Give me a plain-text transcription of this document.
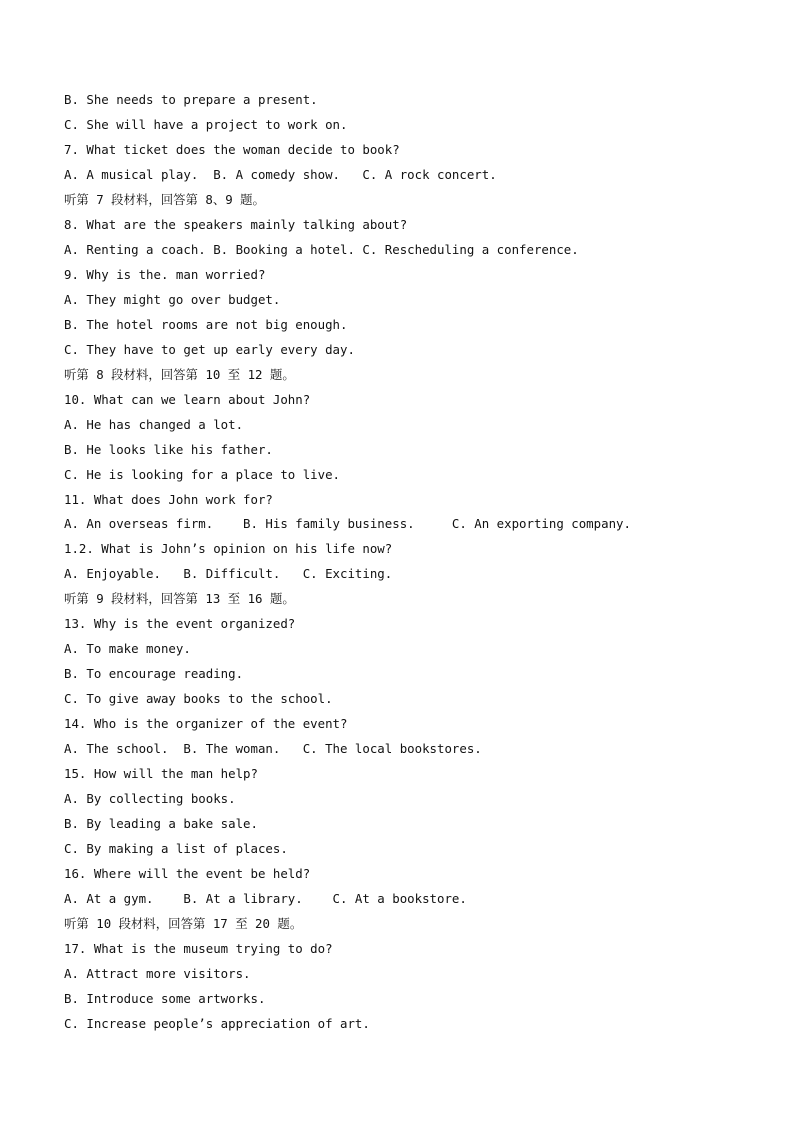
B. She needs to prepare a present.
C. She will have a project to work on.
7. What ticket does the woman decide to book?
A. A musical play.  B. A comedy show.   C. A rock concert.
听第 7 段材料，回答第 8、9 题。
8. What are the speakers mainly talking about?
A. Renting a coach. B. Booking a hotel. C. Rescheduling a conference.
9. Why is the. man worried?
A. They might go over budget.
B. The hotel rooms are not big enough.
C. They have to get up early every day.
听第 8 段材料，回答第 10 至 12 题。
10. What can we learn about John?
A. He has changed a lot.
B. He looks like his father.
C. He is looking for a place to live.
11. What does John work for?
A. An overseas firm.    B. His family business.     C. An exporting company.
1.2. What is John’s opinion on his life now?
A. Enjoyable.   B. Difficult.   C. Exciting.
听第 9 段材料，回答第 13 至 16 题。
13. Why is the event organized?
A. To make money.
B. To encourage reading.
C. To give away books to the school.
14. Who is the organizer of the event?
A. The school.  B. The woman.   C. The local bookstores.
15. How will the man help?
A. By collecting books.
B. By leading a bake sale.
C. By making a list of places.
16. Where will the event be held?
A. At a gym.    B. At a library.    C. At a bookstore.
听第 10 段材料，回答第 17 至 20 题。
17. What is the museum trying to do?
A. Attract more visitors.
B. Introduce some artworks.
C. Increase people’s appreciation of art.
